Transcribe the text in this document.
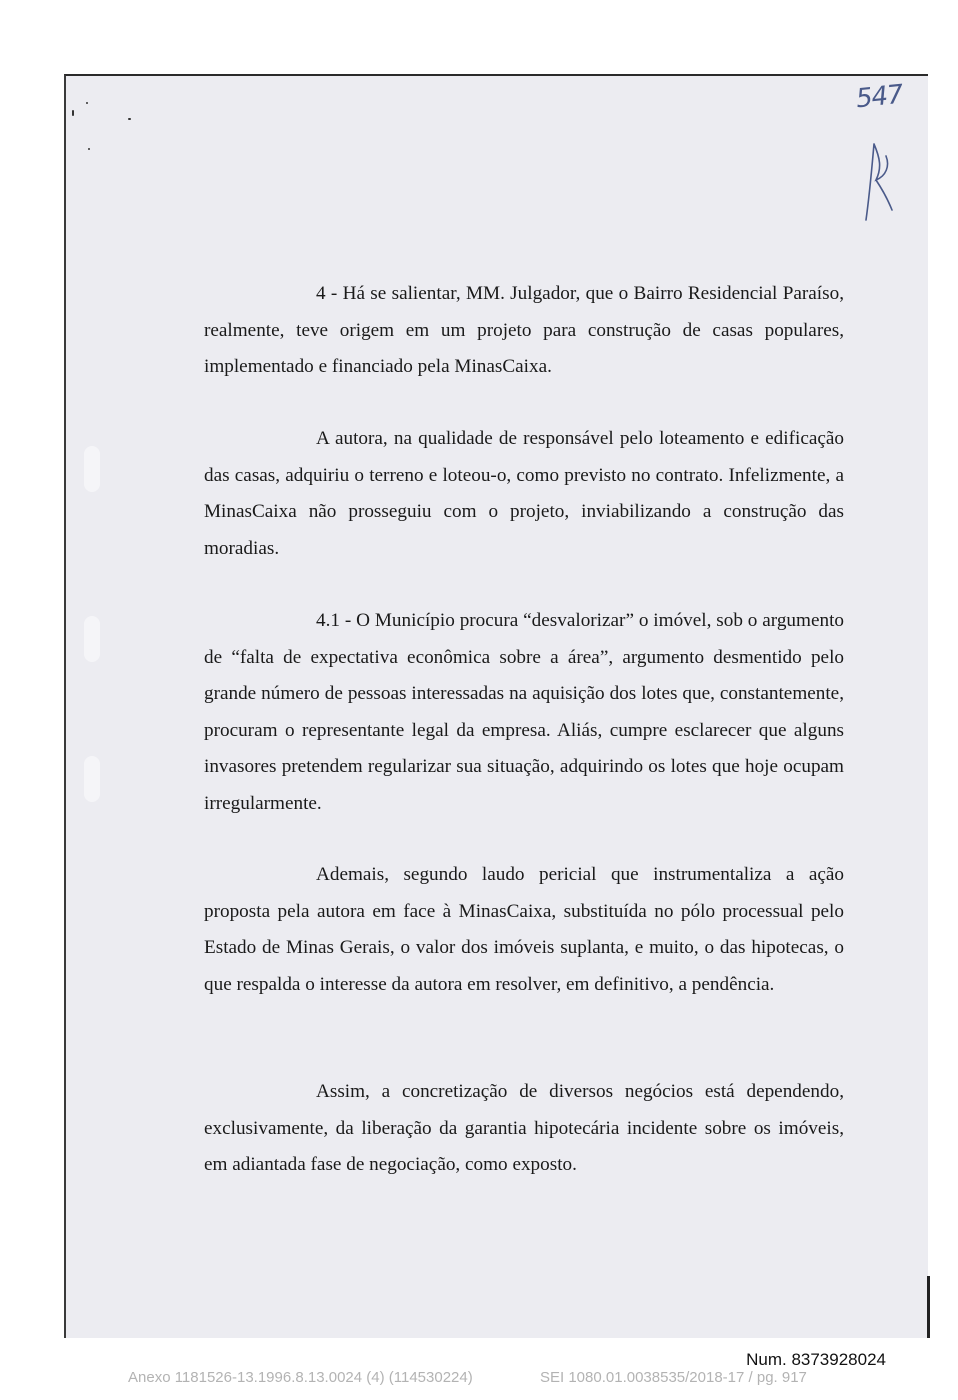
547

4 - Há se salientar, MM. Julgador, que o Bairro Residencial Paraíso, realmente, teve origem em um projeto para construção de casas populares, implementado e financiado pela MinasCaixa.

A autora, na qualidade de responsável pelo loteamento e edificação das casas, adquiriu o terreno e loteou-o, como previsto no contrato. Infelizmente, a MinasCaixa não prosseguiu com o projeto, inviabilizando a construção das moradias.

4.1 - O Município procura “desvalorizar” o imóvel, sob o argumento de “falta de expectativa econômica sobre a área”, argumento desmentido pelo grande número de pessoas interessadas na aquisição dos lotes que, constantemente, procuram o representante legal da empresa. Aliás, cumpre esclarecer que alguns invasores pretendem regularizar sua situação, adquirindo os lotes que hoje ocupam irregularmente.

Ademais, segundo laudo pericial que instrumentaliza a ação proposta pela autora em face à MinasCaixa, substituída no pólo processual pelo Estado de Minas Gerais, o valor dos imóveis suplanta, e muito, o das hipotecas, o que respalda o interesse da autora em resolver, em definitivo, a pendência.

Assim, a concretização de diversos negócios está dependendo, exclusivamente, da liberação da garantia hipotecária incidente sobre os imóveis, em adiantada fase de negociação, como exposto.

Num. 8373928024
Anexo 1181526-13.1996.8.13.0024 (4) (114530224)	SEI 1080.01.0038535/2018-17 / pg. 917
